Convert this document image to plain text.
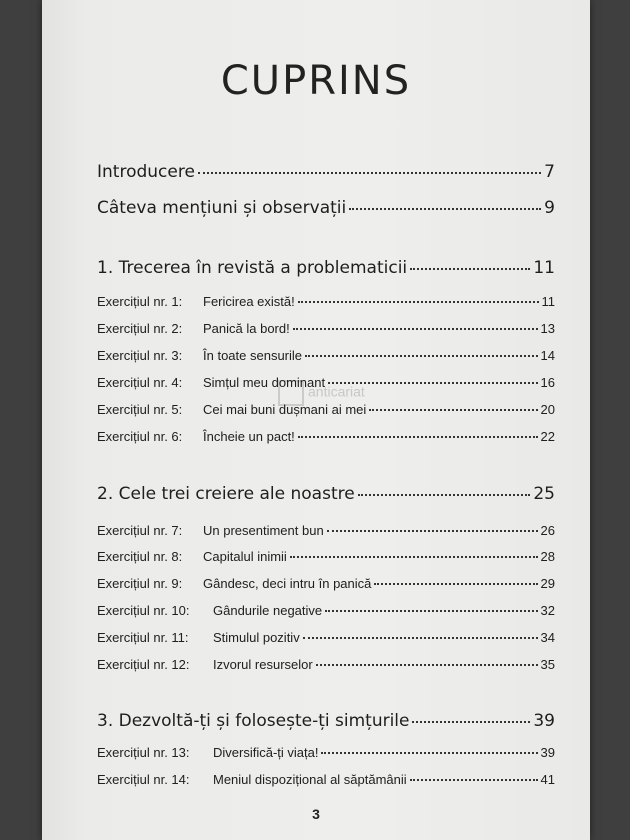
CUPRINS
anticariat
Introducere	7
Câteva mențiuni și observații	9
1. Trecerea în revistă a problematicii	11
Exercițiul nr. 1:	Fericirea există!	11
Exercițiul nr. 2:	Panică la bord!	13
Exercițiul nr. 3:	În toate sensurile	14
Exercițiul nr. 4:	Simțul meu dominant	16
Exercițiul nr. 5:	Cei mai buni dușmani ai mei	20
Exercițiul nr. 6:	Încheie un pact!	22
2. Cele trei creiere ale noastre	25
Exercițiul nr. 7:	Un presentiment bun	26
Exercițiul nr. 8:	Capitalul inimii	28
Exercițiul nr. 9:	Gândesc, deci intru în panică	29
Exercițiul nr. 10:	Gândurile negative	32
Exercițiul nr. 11:	Stimulul pozitiv	34
Exercițiul nr. 12:	Izvorul resurselor	35
3. Dezvoltă-ți și folosește-ți simțurile	39
Exercițiul nr. 13:	Diversifică-ți viața!	39
Exercițiul nr. 14:	Meniul dispozițional al săptămânii	41
3
